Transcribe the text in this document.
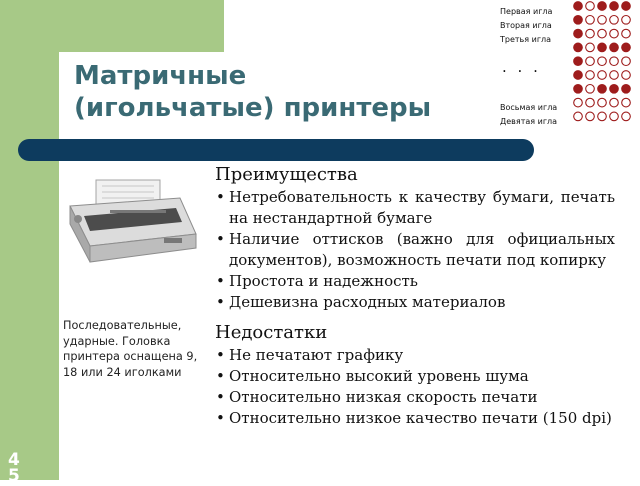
Матричные
(игольчатые) принтеры
Первая игла
Вторая игла
Третья игла
. . .
Восьмая игла
Девятая игла
Последовательные, ударные. Головка принтера оснащена 9, 18 или 24 иголками
Преимущества
• Нетребовательность к качеству бумаги, печать на нестандартной бумаге
• Наличие оттисков (важно для официальных документов), возможность печати под копирку
• Простота и надежность
• Дешевизна расходных материалов
Недостатки
• Не печатают графику
• Относительно высокий уровень шума
• Относительно низкая скорость печати
• Относительно низкое качество печати (150 dpi)
4
5
